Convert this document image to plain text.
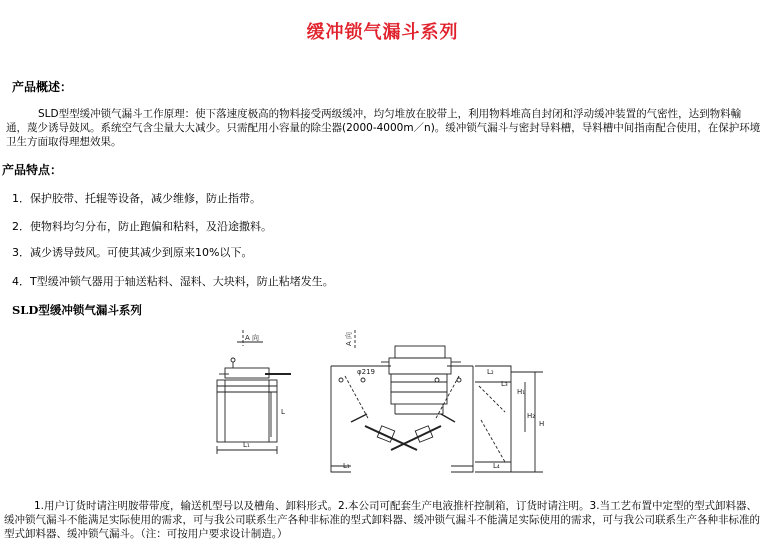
缓冲锁气漏斗系列
产品概述：

SLD型型缓冲锁气漏斗工作原理：使下落速度极高的物料接受两级缓冲，均匀堆放在胶带上，利用物料堆高自封闭和浮动缓冲装置的气密性，达到物料輸通，蔑少诱导鼓风。系统空气含尘量大大减少。只需配用小容量的除尘器(2000-4000m／n)。缓冲锁气漏斗与密封导料槽，导料槽中间指南配合使用，在保护环境卫生方面取得理想效果。

产品特点：
1．保护胶带、托辊等设备，减少维修，防止指带。
2．使物料均匀分布，防止跑偏和粘料，及沿途撒料。
3．减少诱导鼓风。可使其减少到原来10%以下。
4．T型缓冲锁气器用于轴送粘料、湿料、大块料，防止粘堵发生。
SLD型缓冲锁气漏斗系列
A 向
L₁
L
A 向
φ219	L₂
L₃
L₄
L₁
H₁
H₂
H

1.用户订货时请注明胺带带度，输送机型号以及槽角、卸料形式。2.本公司可配套生产电液推杆控制箱，订货时请注明。3.当工艺布置中定型的型式卸料器、缓冲锁气漏斗不能满足实际使用的需求，可与我公司联系生产各种非标准的型式卸料器、缓冲锁气漏斗不能满足实际使用的需求，可与我公司联系生产各种非标准的型式卸料器、缓冲锁气漏斗。（注：可按用户要求设计制造。）
